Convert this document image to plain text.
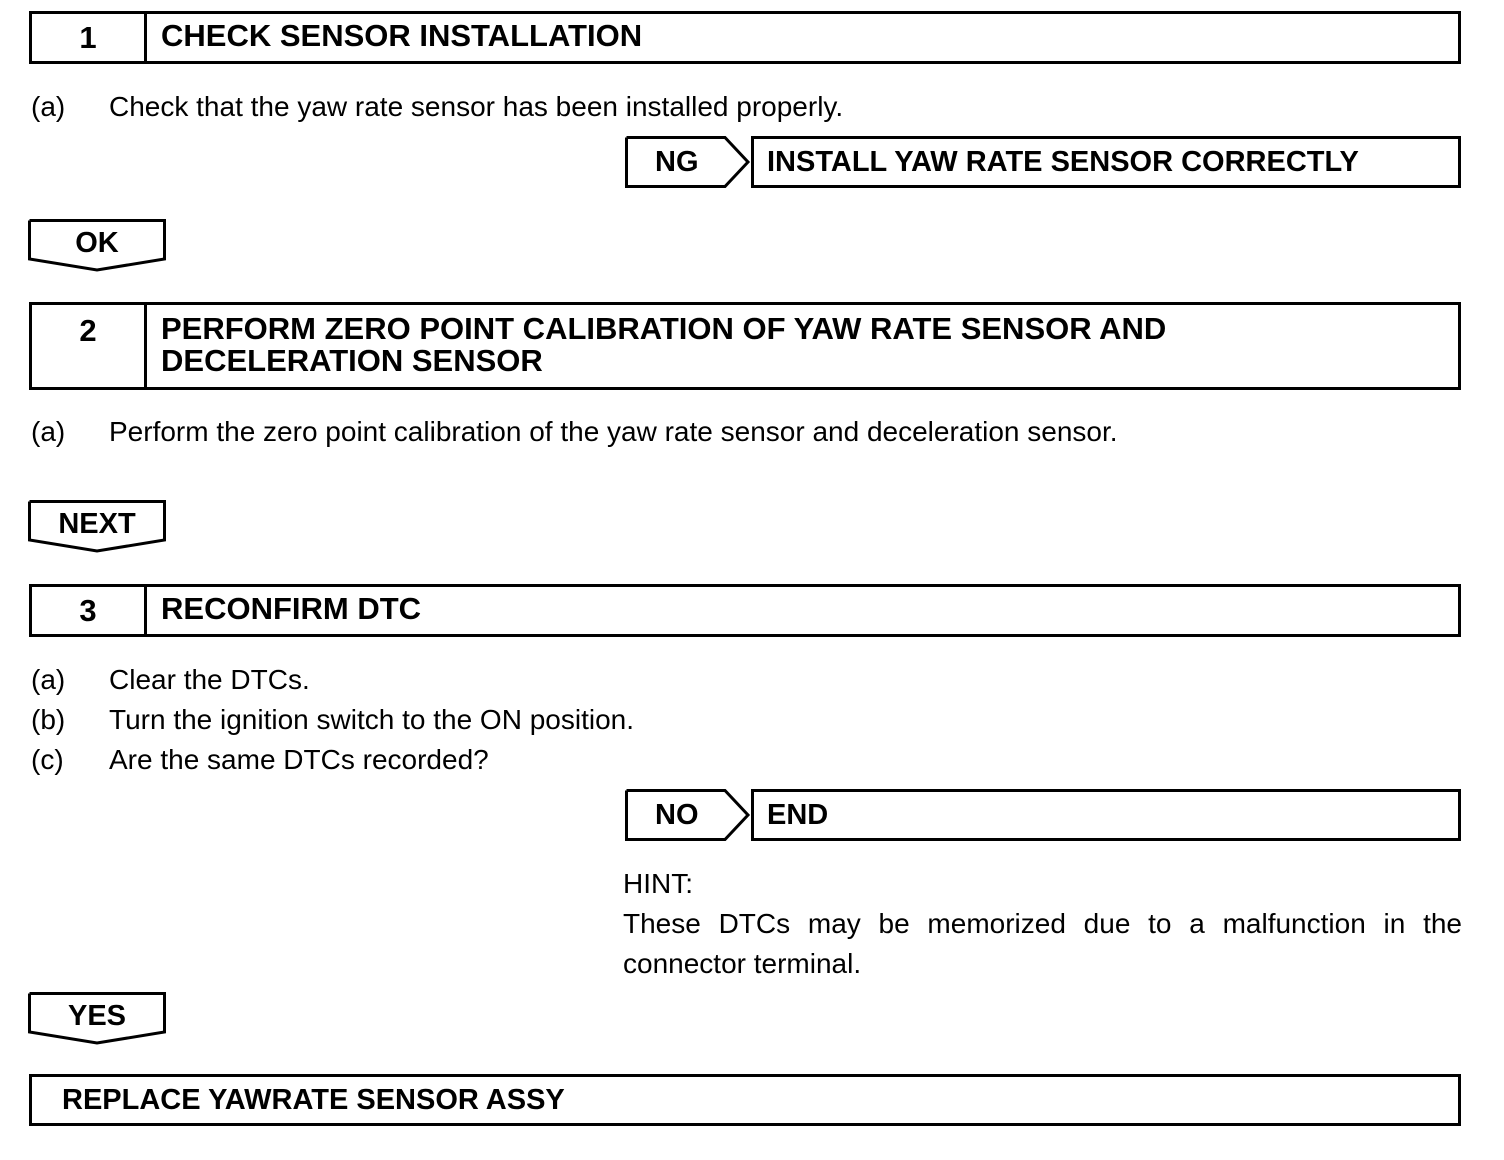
1	CHECK SENSOR INSTALLATION
(a)	Check that the yaw rate sensor has been installed properly.
NG INSTALL YAW RATE SENSOR CORRECTLY
OK
2	PERFORM ZERO POINT CALIBRATION OF YAW RATE SENSOR AND
DECELERATION SENSOR
(a)	Perform the zero point calibration of the yaw rate sensor and deceleration sensor.
NEXT
3	RECONFIRM DTC
(a)	Clear the DTCs.
(b)	Turn the ignition switch to the ON position.
(c)	Are the same DTCs recorded?
NO END
HINT:
These DTCs may be memorized due to a malfunction in the connector terminal.
YES
REPLACE YAWRATE SENSOR ASSY
